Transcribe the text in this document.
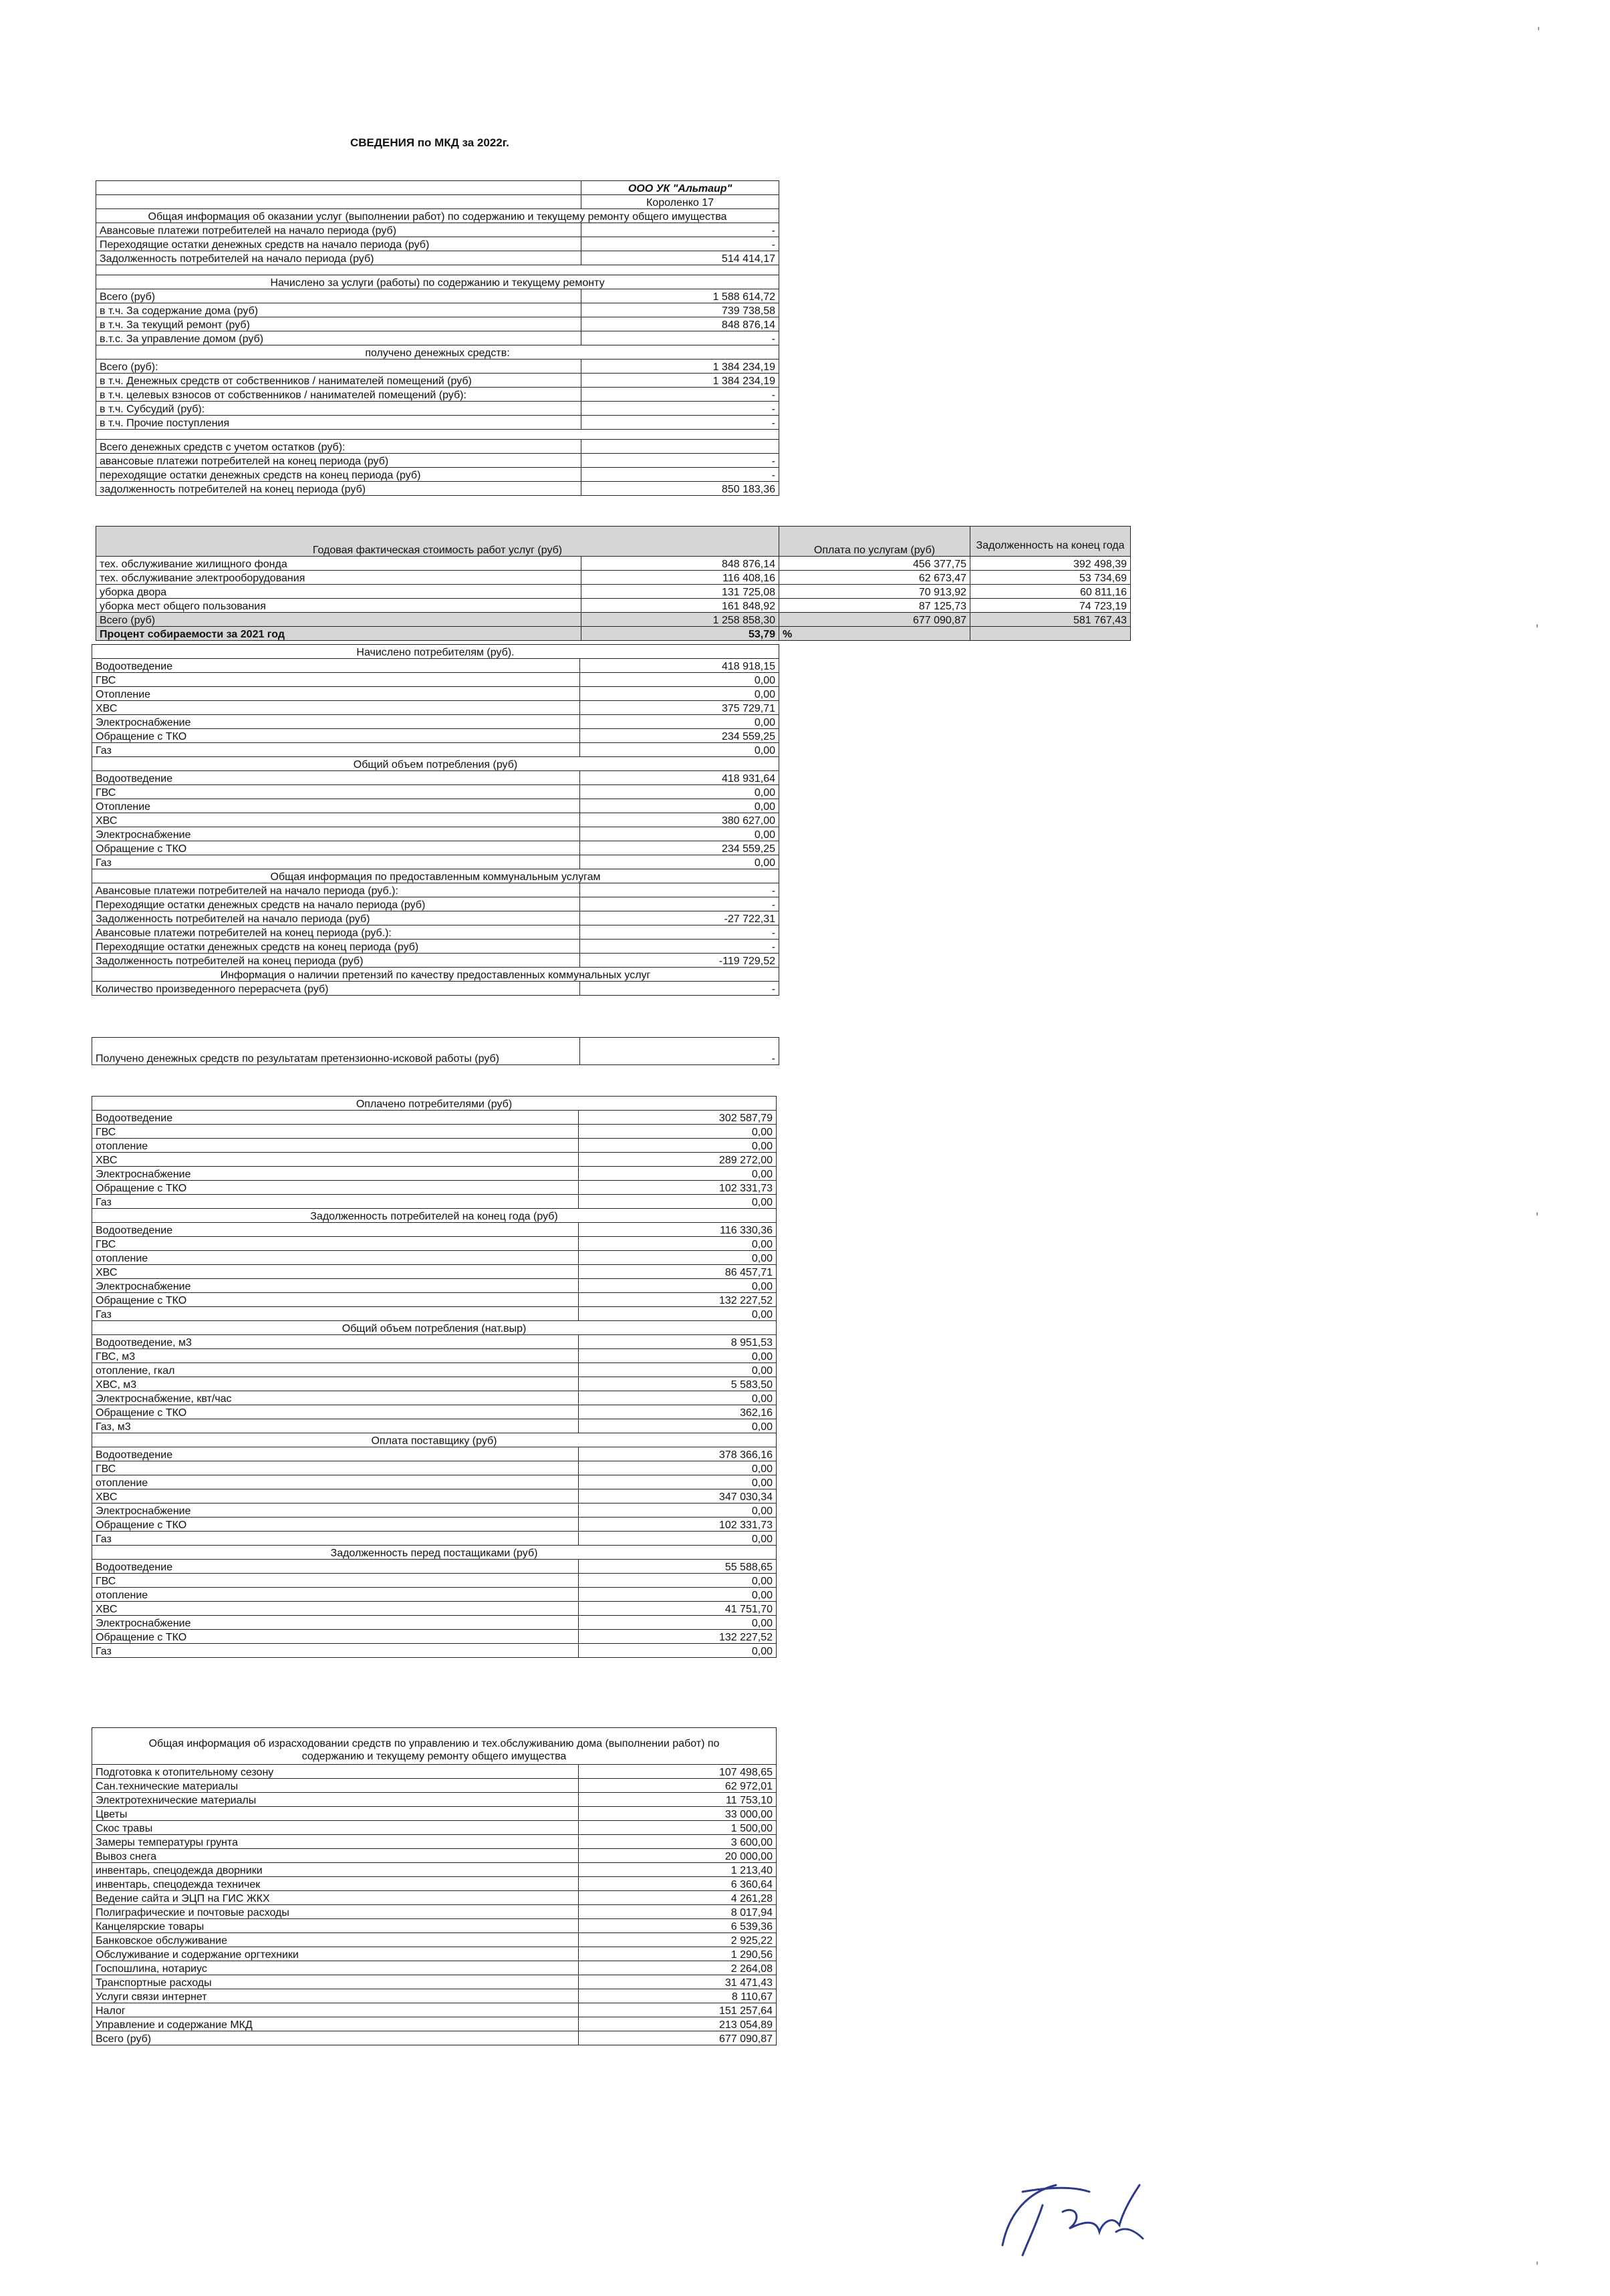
СВЕДЕНИЯ по МКД за 2022г.
	ООО УК "Альтаир"
	Короленко 17
Общая информация об оказании услуг (выполнении работ) по содержанию и текущему ремонту общего имущества	
Авансовые платежи потребителей на начало периода (руб)	-
Переходящие остатки денежных средств на начало периода (руб)	-
Задолженность потребителей на начало периода (руб)	514 414,17

Начислено за услуги (работы) по содержанию и текущему ремонту	
Всего (руб)	1 588 614,72
в т.ч. За содержание дома (руб)	739 738,58
в т.ч. За текущий ремонт (руб)	848 876,14
в.т.с. За управление домом (руб)	-
получено денежных средств:	
Всего (руб):	1 384 234,19
в т.ч. Денежных средств от собственников / нанимателей помещений (руб)	1 384 234,19
в т.ч. целевых взносов от собственников / нанимателей помещений (руб):	-
в т.ч. Субсудий (руб):	-
в т.ч. Прочие поступления	-

Всего денежных средств с учетом остатков (руб):	
авансовые платежи потребителей на конец периода (руб)	-
переходящие остатки денежных средств на конец периода (руб)	-
задолженность потребителей на конец периода (руб)	850 183,36
Годовая фактическая стоимость работ услуг (руб)		Оплата по услугам (руб)	Задолженность на конец года
тех. обслуживание жилищного фонда	848 876,14	456 377,75	392 498,39
тех. обслуживание электрооборудования	116 408,16	62 673,47	53 734,69
уборка двора	131 725,08	70 913,92	60 811,16
уборка мест общего пользования	161 848,92	87 125,73	74 723,19
Всего (руб)	1 258 858,30	677 090,87	581 767,43
Процент собираемости за 2021 год	53,79	%	
Начислено потребителям (руб).	
Водоотведение	418 918,15
ГВС	0,00
Отопление	0,00
ХВС	375 729,71
Электроснабжение	0,00
Обращение с ТКО	234 559,25
Газ	0,00
Общий объем потребления (руб)	
Водоотведение	418 931,64
ГВС	0,00
Отопление	0,00
ХВС	380 627,00
Электроснабжение	0,00
Обращение с ТКО	234 559,25
Газ	0,00
Общая информация по предоставленным коммунальным услугам	
Авансовые платежи потребителей на начало периода (руб.):	-
Переходящие остатки денежных средств на начало периода (руб)	-
Задолженность потребителей на начало периода (руб)	-27 722,31
Авансовые платежи потребителей на конец периода (руб.):	-
Переходящие остатки денежных средств на конец периода (руб)	-
Задолженность потребителей на конец периода (руб)	-119 729,52
Информация о наличии претензий по качеству предоставленных коммунальных услуг	
Количество произведенного перерасчета (руб)	-
Получено денежных средств по результатам претензионно-исковой работы (руб)	-
Оплачено потребителями (руб)	
Водоотведение	302 587,79
ГВС	0,00
отопление	0,00
ХВС	289 272,00
Электроснабжение	0,00
Обращение с ТКО	102 331,73
Газ	0,00
Задолженность потребителей на конец года (руб)	
Водоотведение	116 330,36
ГВС	0,00
отопление	0,00
ХВС	86 457,71
Электроснабжение	0,00
Обращение с ТКО	132 227,52
Газ	0,00
Общий объем потребления (нат.выр)	
Водоотведение, м3	8 951,53
ГВС, м3	0,00
отопление, гкал	0,00
ХВС, м3	5 583,50
Электроснабжение, квт/час	0,00
Обращение с ТКО	362,16
Газ, м3	0,00
Оплата поставщику (руб)	
Водоотведение	378 366,16
ГВС	0,00
отопление	0,00
ХВС	347 030,34
Электроснабжение	0,00
Обращение с ТКО	102 331,73
Газ	0,00
Задолженность перед постащиками (руб)	
Водоотведение	55 588,65
ГВС	0,00
отопление	0,00
ХВС	41 751,70
Электроснабжение	0,00
Обращение с ТКО	132 227,52
Газ	0,00
Общая информация об израсходовании средств по управлению и тех.обслуживанию дома (выполнении работ) по содержанию и текущему ремонту общего имущества	
Подготовка к отопительному сезону	107 498,65
Сан.технические материалы	62 972,01
Электротехнические материалы	11 753,10
Цветы	33 000,00
Скос травы	1 500,00
Замеры температуры грунта	3 600,00
Вывоз снега	20 000,00
инвентарь, спецодежда дворники	1 213,40
инвентарь, спецодежда техничек	6 360,64
Ведение сайта и ЭЦП на ГИС ЖКХ	4 261,28
Полиграфические и почтовые расходы	8 017,94
Канцелярские товары	6 539,36
Банковское обслуживание	2 925,22
Обслуживание и содержание оргтехники	1 290,56
Госпошлина, нотариус	2 264,08
Транспортные расходы	31 471,43
Услуги связи интернет	8 110,67
Налог	151 257,64
Управление и содержание МКД	213 054,89
Всего (руб)	677 090,87
'
'
'
'
